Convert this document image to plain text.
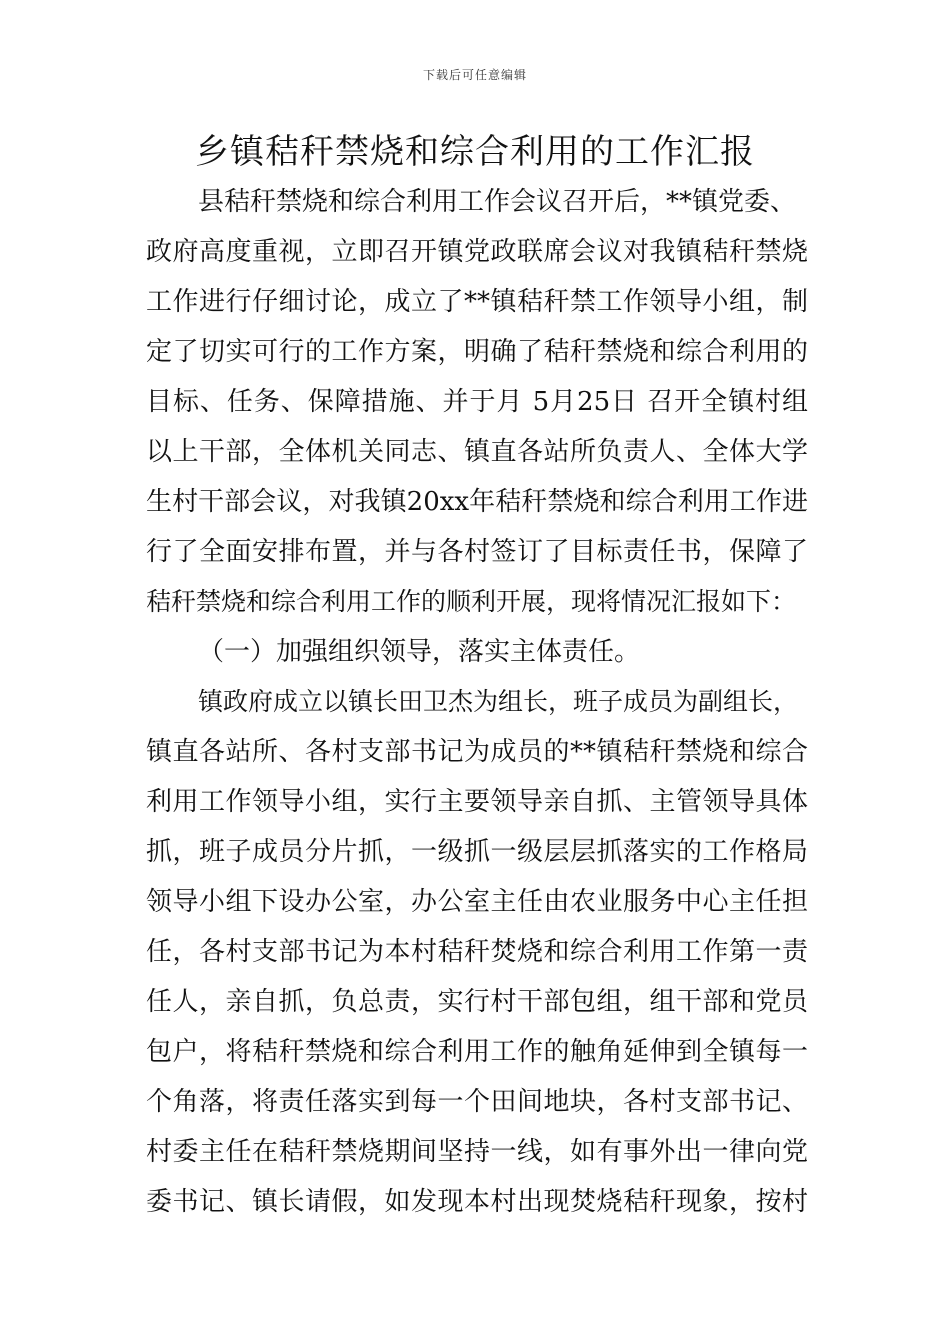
下载后可任意编辑
乡镇秸秆禁烧和综合利用的工作汇报
县秸秆禁烧和综合利用工作会议召开后，**镇党委、
政府高度重视，立即召开镇党政联席会议对我镇秸秆禁烧
工作进行仔细讨论，成立了**镇秸秆禁工作领导小组，制
定了切实可行的工作方案，明确了秸秆禁烧和综合利用的
目标、任务、保障措施、并于月 5月25日 召开全镇村组
以上干部，全体机关同志、镇直各站所负责人、全体大学
生村干部会议，对我镇20xx年秸秆禁烧和综合利用工作进
行了全面安排布置，并与各村签订了目标责任书，保障了
秸秆禁烧和综合利用工作的顺利开展，现将情况汇报如下：
（一）加强组织领导，落实主体责任。
镇政府成立以镇长田卫杰为组长，班子成员为副组长，
镇直各站所、各村支部书记为成员的**镇秸秆禁烧和综合
利用工作领导小组，实行主要领导亲自抓、主管领导具体
抓，班子成员分片抓，一级抓一级层层抓落实的工作格局
领导小组下设办公室，办公室主任由农业服务中心主任担
任，各村支部书记为本村秸秆焚烧和综合利用工作第一责
任人，亲自抓，负总责，实行村干部包组，组干部和党员
包户，将秸秆禁烧和综合利用工作的触角延伸到全镇每一
个角落，将责任落实到每一个田间地块，各村支部书记、
村委主任在秸秆禁烧期间坚持一线，如有事外出一律向党
委书记、镇长请假，如发现本村出现焚烧秸秆现象，按村
